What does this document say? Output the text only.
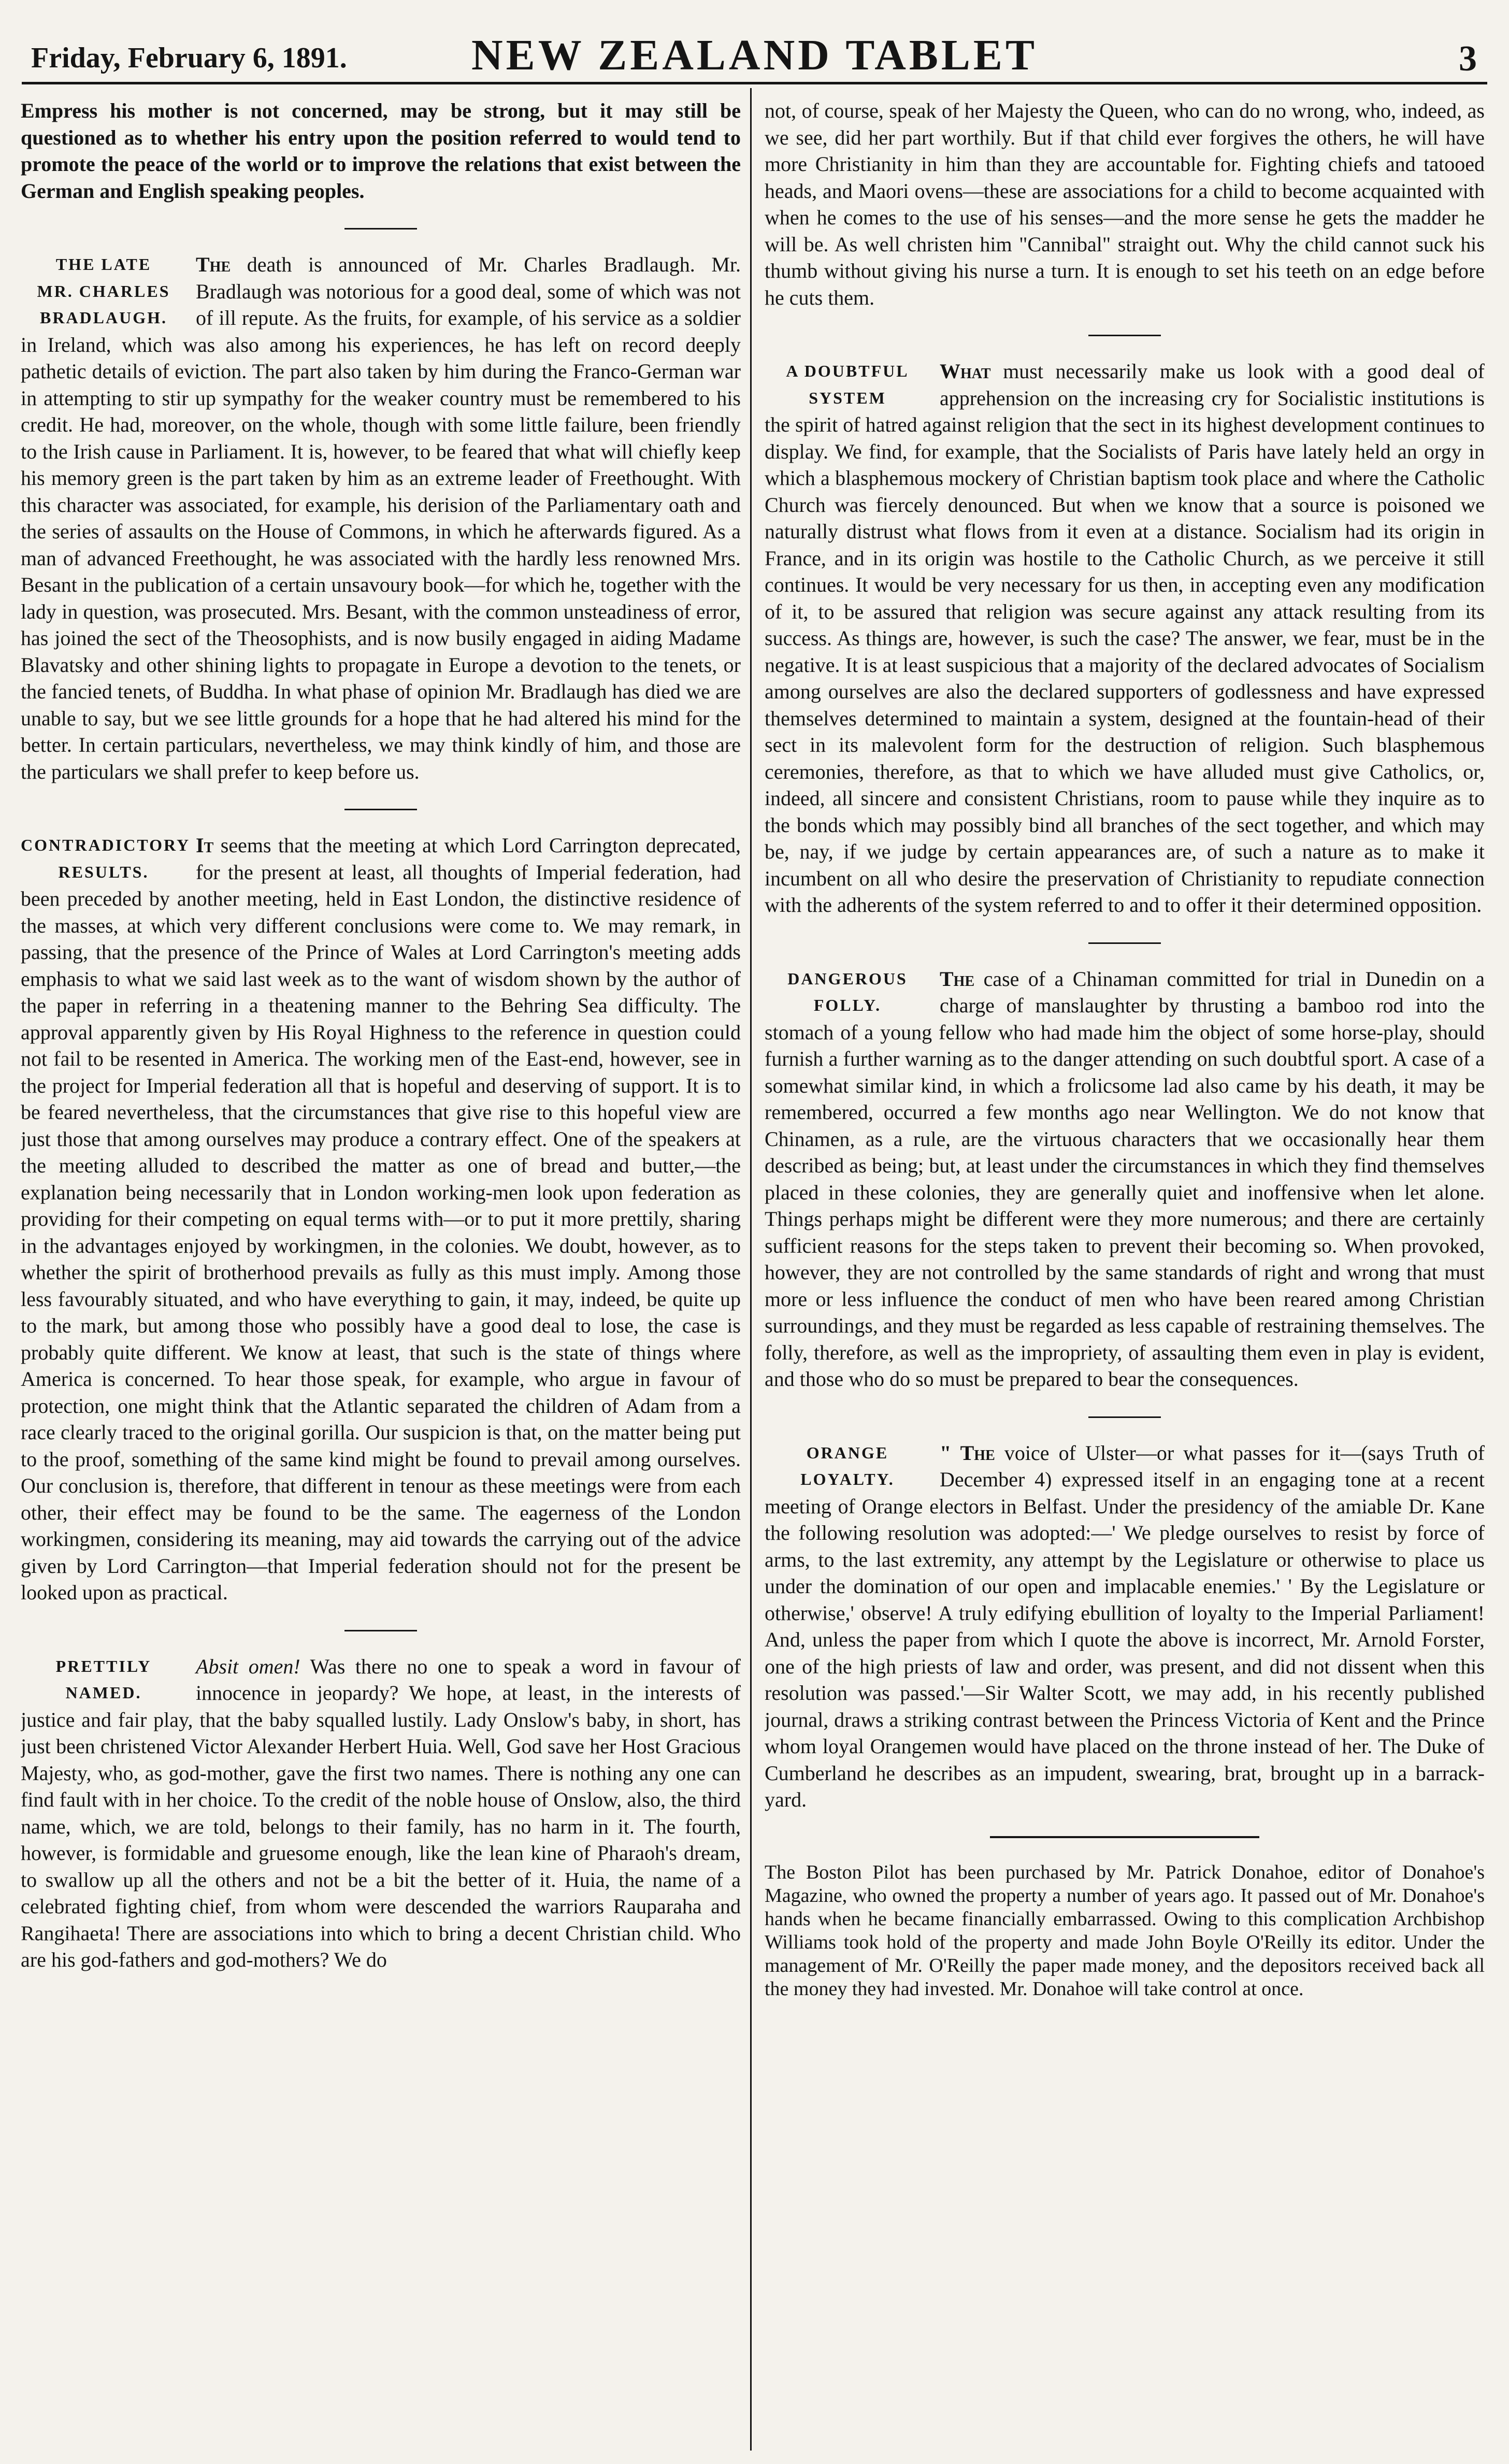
Friday, February 6, 1891.	NEW ZEALAND TABLET	3

Empress his mother is not concerned, may be strong, but it may still be questioned as to whether his entry upon the position referred to would tend to promote the peace of the world or to improve the relations that exist between the German and English speaking peoples.

THE LATE
MR. CHARLES
BRADLAUGH.

The death is announced of Mr. Charles Bradlaugh. Mr. Bradlaugh was notorious for a good deal, some of which was not of ill repute. As the fruits, for example, of his service as a soldier in Ireland, which was also among his experiences, he has left on record deeply pathetic details of eviction. The part also taken by him during the Franco-German war in attempting to stir up sympathy for the weaker country must be remembered to his credit. He had, moreover, on the whole, though with some little failure, been friendly to the Irish cause in Parliament. It is, however, to be feared that what will chiefly keep his memory green is the part taken by him as an extreme leader of Freethought. With this character was associated, for example, his derision of the Parliamentary oath and the series of assaults on the House of Commons, in which he afterwards figured. As a man of advanced Freethought, he was associated with the hardly less renowned Mrs. Besant in the publication of a certain unsavoury book—for which he, together with the lady in question, was prosecuted. Mrs. Besant, with the common unsteadiness of error, has joined the sect of the Theosophists, and is now busily engaged in aiding Madame Blavatsky and other shining lights to propagate in Europe a devotion to the tenets, or the fancied tenets, of Buddha. In what phase of opinion Mr. Bradlaugh has died we are unable to say, but we see little grounds for a hope that he had altered his mind for the better. In certain particulars, nevertheless, we may think kindly of him, and those are the particulars we shall prefer to keep before us.

CONTRADICTORY
RESULTS.

It seems that the meeting at which Lord Carrington deprecated, for the present at least, all thoughts of Imperial federation, had been preceded by another meeting, held in East London, the distinctive residence of the masses, at which very different conclusions were come to. We may remark, in passing, that the presence of the Prince of Wales at Lord Carrington's meeting adds emphasis to what we said last week as to the want of wisdom shown by the author of the paper in referring in a theatening manner to the Behring Sea difficulty. The approval apparently given by His Royal Highness to the reference in question could not fail to be resented in America. The working men of the East-end, however, see in the project for Imperial federation all that is hopeful and deserving of support. It is to be feared nevertheless, that the circumstances that give rise to this hopeful view are just those that among ourselves may produce a contrary effect. One of the speakers at the meeting alluded to described the matter as one of bread and butter,—the explanation being necessarily that in London working-men look upon federation as providing for their competing on equal terms with—or to put it more prettily, sharing in the advantages enjoyed by workingmen, in the colonies. We doubt, however, as to whether the spirit of brotherhood prevails as fully as this must imply. Among those less favourably situated, and who have everything to gain, it may, indeed, be quite up to the mark, but among those who possibly have a good deal to lose, the case is probably quite different. We know at least, that such is the state of things where America is concerned. To hear those speak, for example, who argue in favour of protection, one might think that the Atlantic separated the children of Adam from a race clearly traced to the original gorilla. Our suspicion is that, on the matter being put to the proof, something of the same kind might be found to prevail among ourselves. Our conclusion is, therefore, that different in tenour as these meetings were from each other, their effect may be found to be the same. The eagerness of the London workingmen, considering its meaning, may aid towards the carrying out of the advice given by Lord Carrington—that Imperial federation should not for the present be looked upon as practical.

PRETTILY
NAMED.

Absit omen! Was there no one to speak a word in favour of innocence in jeopardy? We hope, at least, in the interests of justice and fair play, that the baby squalled lustily. Lady Onslow's baby, in short, has just been christened Victor Alexander Herbert Huia. Well, God save her Host Gracious Majesty, who, as god-mother, gave the first two names. There is nothing any one can find fault with in her choice. To the credit of the noble house of Onslow, also, the third name, which, we are told, belongs to their family, has no harm in it. The fourth, however, is formidable and gruesome enough, like the lean kine of Pharaoh's dream, to swallow up all the others and not be a bit the better of it. Huia, the name of a celebrated fighting chief, from whom were descended the warriors Rauparaha and Rangihaeta! There are associations into which to bring a decent Christian child. Who are his god-fathers and god-mothers? We do

not, of course, speak of her Majesty the Queen, who can do no wrong, who, indeed, as we see, did her part worthily. But if that child ever forgives the others, he will have more Christianity in him than they are accountable for. Fighting chiefs and tatooed heads, and Maori ovens—these are associations for a child to become acquainted with when he comes to the use of his senses—and the more sense he gets the madder he will be. As well christen him "Cannibal" straight out. Why the child cannot suck his thumb without giving his nurse a turn. It is enough to set his teeth on an edge before he cuts them.

A DOUBTFUL
SYSTEM

What must necessarily make us look with a good deal of apprehension on the increasing cry for Socialistic institutions is the spirit of hatred against religion that the sect in its highest development continues to display. We find, for example, that the Socialists of Paris have lately held an orgy in which a blasphemous mockery of Christian baptism took place and where the Catholic Church was fiercely denounced. But when we know that a source is poisoned we naturally distrust what flows from it even at a distance. Socialism had its origin in France, and in its origin was hostile to the Catholic Church, as we perceive it still continues. It would be very necessary for us then, in accepting even any modification of it, to be assured that religion was secure against any attack resulting from its success. As things are, however, is such the case? The answer, we fear, must be in the negative. It is at least suspicious that a majority of the declared advocates of Socialism among ourselves are also the declared supporters of godlessness and have expressed themselves determined to maintain a system, designed at the fountain-head of their sect in its malevolent form for the destruction of religion. Such blasphemous ceremonies, therefore, as that to which we have alluded must give Catholics, or, indeed, all sincere and consistent Christians, room to pause while they inquire as to the bonds which may possibly bind all branches of the sect together, and which may be, nay, if we judge by certain appearances are, of such a nature as to make it incumbent on all who desire the preservation of Christianity to repudiate connection with the adherents of the system referred to and to offer it their determined opposition.

DANGEROUS
FOLLY.

The case of a Chinaman committed for trial in Dunedin on a charge of manslaughter by thrusting a bamboo rod into the stomach of a young fellow who had made him the object of some horse-play, should furnish a further warning as to the danger attending on such doubtful sport. A case of a somewhat similar kind, in which a frolicsome lad also came by his death, it may be remembered, occurred a few months ago near Wellington. We do not know that Chinamen, as a rule, are the virtuous characters that we occasionally hear them described as being; but, at least under the circumstances in which they find themselves placed in these colonies, they are generally quiet and inoffensive when let alone. Things perhaps might be different were they more numerous; and there are certainly sufficient reasons for the steps taken to prevent their becoming so. When provoked, however, they are not controlled by the same standards of right and wrong that must more or less influence the conduct of men who have been reared among Christian surroundings, and they must be regarded as less capable of restraining themselves. The folly, therefore, as well as the impropriety, of assaulting them even in play is evident, and those who do so must be prepared to bear the consequences.

ORANGE
LOYALTY.

" The voice of Ulster—or what passes for it—(says Truth of December 4) expressed itself in an engaging tone at a recent meeting of Orange electors in Belfast. Under the presidency of the amiable Dr. Kane the following resolution was adopted:—' We pledge ourselves to resist by force of arms, to the last extremity, any attempt by the Legislature or otherwise to place us under the domination of our open and implacable enemies.' ' By the Legislature or otherwise,' observe! A truly edifying ebullition of loyalty to the Imperial Parliament! And, unless the paper from which I quote the above is incorrect, Mr. Arnold Forster, one of the high priests of law and order, was present, and did not dissent when this resolution was passed.'—Sir Walter Scott, we may add, in his recently published journal, draws a striking contrast between the Princess Victoria of Kent and the Prince whom loyal Orangemen would have placed on the throne instead of her. The Duke of Cumberland he describes as an impudent, swearing, brat, brought up in a barrack-yard.

The Boston Pilot has been purchased by Mr. Patrick Donahoe, editor of Donahoe's Magazine, who owned the property a number of years ago. It passed out of Mr. Donahoe's hands when he became financially embarrassed. Owing to this complication Archbishop Williams took hold of the property and made John Boyle O'Reilly its editor. Under the management of Mr. O'Reilly the paper made money, and the depositors received back all the money they had invested. Mr. Donahoe will take control at once.
